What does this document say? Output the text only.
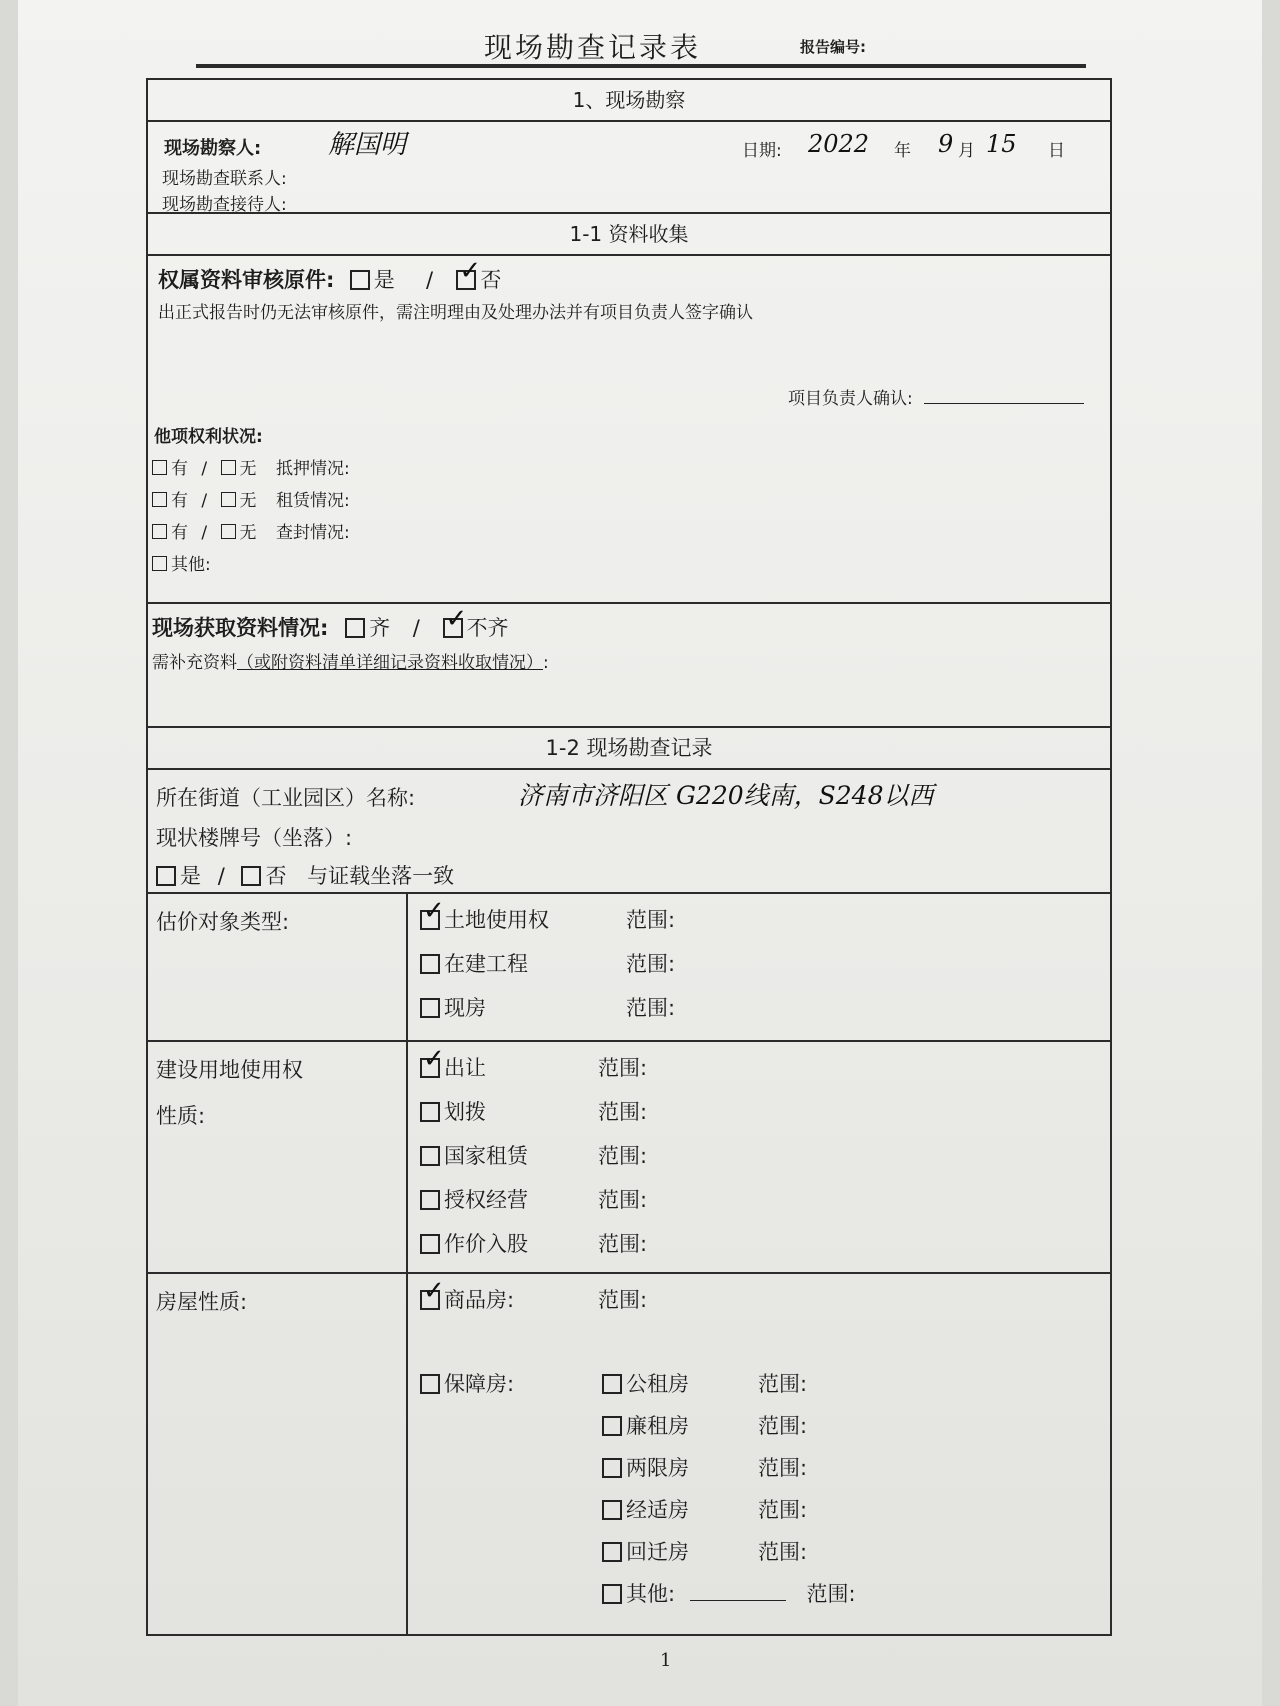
现场勘查记录表	报告编号:
1、现场勘察
现场勘察人:	解国明
现场勘查联系人:
现场勘查接待人:
日期: 2022 年 9 月 15 日
1-1 资料收集
权属资料审核原件: 是 / ✓ 否
出正式报告时仍无法审核原件，需注明理由及处理办法并有项目负责人签字确认
项目负责人确认:
他项权利状况:
有 / 无 抵押情况:
有 / 无 租赁情况:
有 / 无 查封情况:
其他:
现场获取资料情况: 齐 / ✓ 不齐
需补充资料（或附资料清单详细记录资料收取情况）:
1-2 现场勘查记录
所在街道（工业园区）名称:	济南市济阳区 G220线南，S248以西
现状楼牌号（坐落）:
是 / 否 与证载坐落一致
估价对象类型: ✓	土地使用权	范围:
在建工程	范围:
现房	范围:
建设用地使用权
性质:
✓出让	范围:
划拨	范围:
国家租赁	范围:
授权经营	范围:
作价入股	范围:
房屋性质: ✓	商品房:	范围:
保障房:	公租房	范围:
廉租房	范围:
两限房	范围:
经适房	范围:
回迁房	范围:
其他:	范围:
1
